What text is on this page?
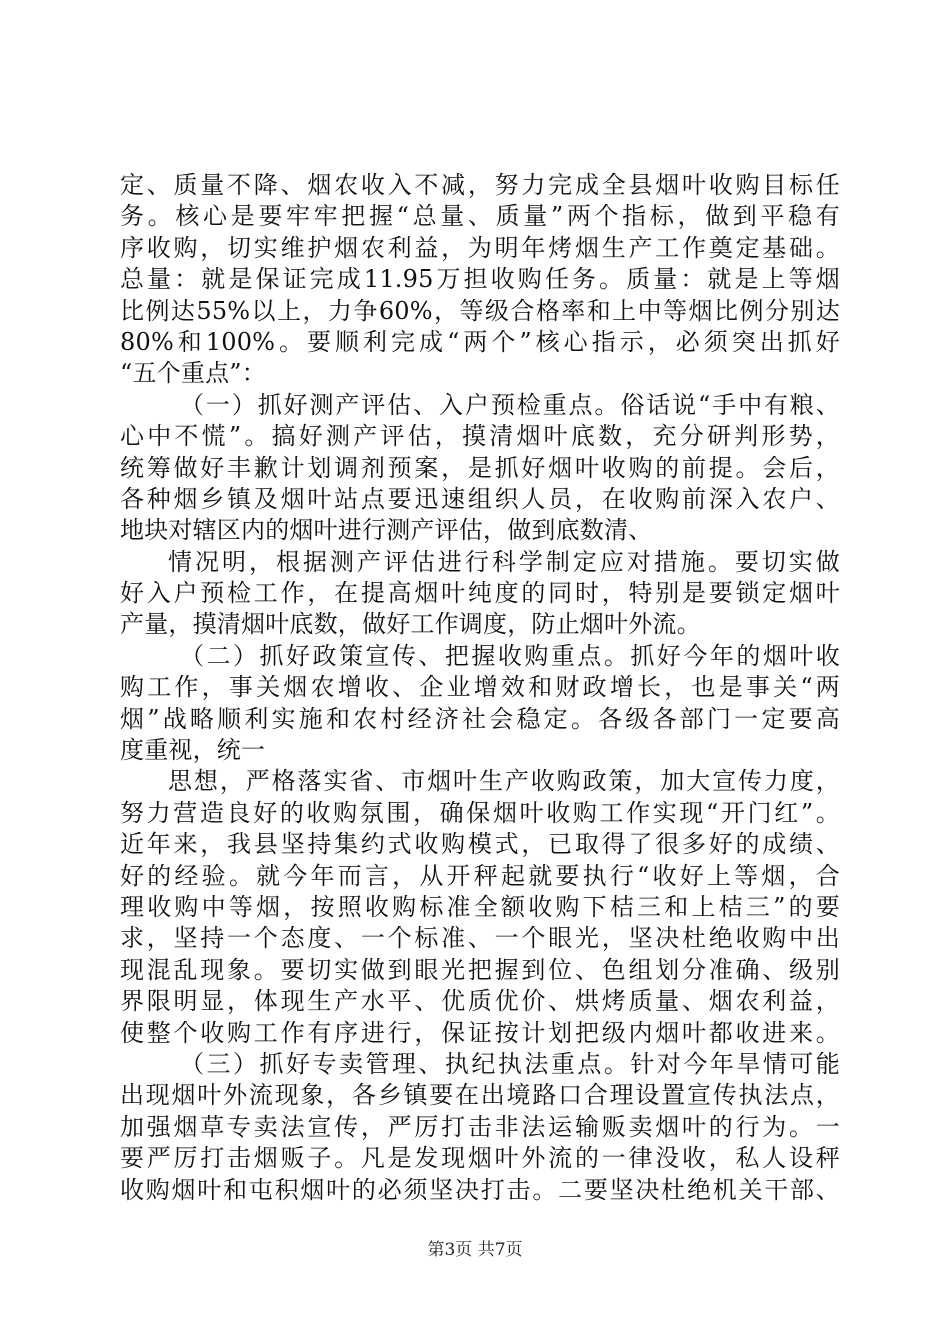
定、质量不降、烟农收入不减，努力完成全县烟叶收购目标任
务。核心是要牢牢把握“总量、质量”两个指标，做到平稳有
序收购，切实维护烟农利益，为明年烤烟生产工作奠定基础。
总量：就是保证完成11.95万担收购任务。质量：就是上等烟
比例达55%以上，力争60%，等级合格率和上中等烟比例分别达
80%和100%。要顺利完成“两个”核心指示，必须突出抓好
“五个重点”：
（一）抓好测产评估、入户预检重点。俗话说“手中有粮、
心中不慌”。搞好测产评估，摸清烟叶底数，充分研判形势，
统筹做好丰歉计划调剂预案，是抓好烟叶收购的前提。会后，
各种烟乡镇及烟叶站点要迅速组织人员，在收购前深入农户、
地块对辖区内的烟叶进行测产评估，做到底数清、
情况明，根据测产评估进行科学制定应对措施。要切实做
好入户预检工作，在提高烟叶纯度的同时，特别是要锁定烟叶
产量，摸清烟叶底数，做好工作调度，防止烟叶外流。
（二）抓好政策宣传、把握收购重点。抓好今年的烟叶收
购工作，事关烟农增收、企业增效和财政增长，也是事关“两
烟”战略顺利实施和农村经济社会稳定。各级各部门一定要高
度重视，统一
思想，严格落实省、市烟叶生产收购政策，加大宣传力度，
努力营造良好的收购氛围，确保烟叶收购工作实现“开门红”。
近年来，我县坚持集约式收购模式，已取得了很多好的成绩、
好的经验。就今年而言，从开秤起就要执行“收好上等烟，合
理收购中等烟，按照收购标准全额收购下桔三和上桔三”的要
求，坚持一个态度、一个标准、一个眼光，坚决杜绝收购中出
现混乱现象。要切实做到眼光把握到位、色组划分准确、级别
界限明显，体现生产水平、优质优价、烘烤质量、烟农利益，
使整个收购工作有序进行，保证按计划把级内烟叶都收进来。
（三）抓好专卖管理、执纪执法重点。针对今年旱情可能
出现烟叶外流现象，各乡镇要在出境路口合理设置宣传执法点，
加强烟草专卖法宣传，严厉打击非法运输贩卖烟叶的行为。一
要严厉打击烟贩子。凡是发现烟叶外流的一律没收，私人设秤
收购烟叶和屯积烟叶的必须坚决打击。二要坚决杜绝机关干部、
第3页 共7页
